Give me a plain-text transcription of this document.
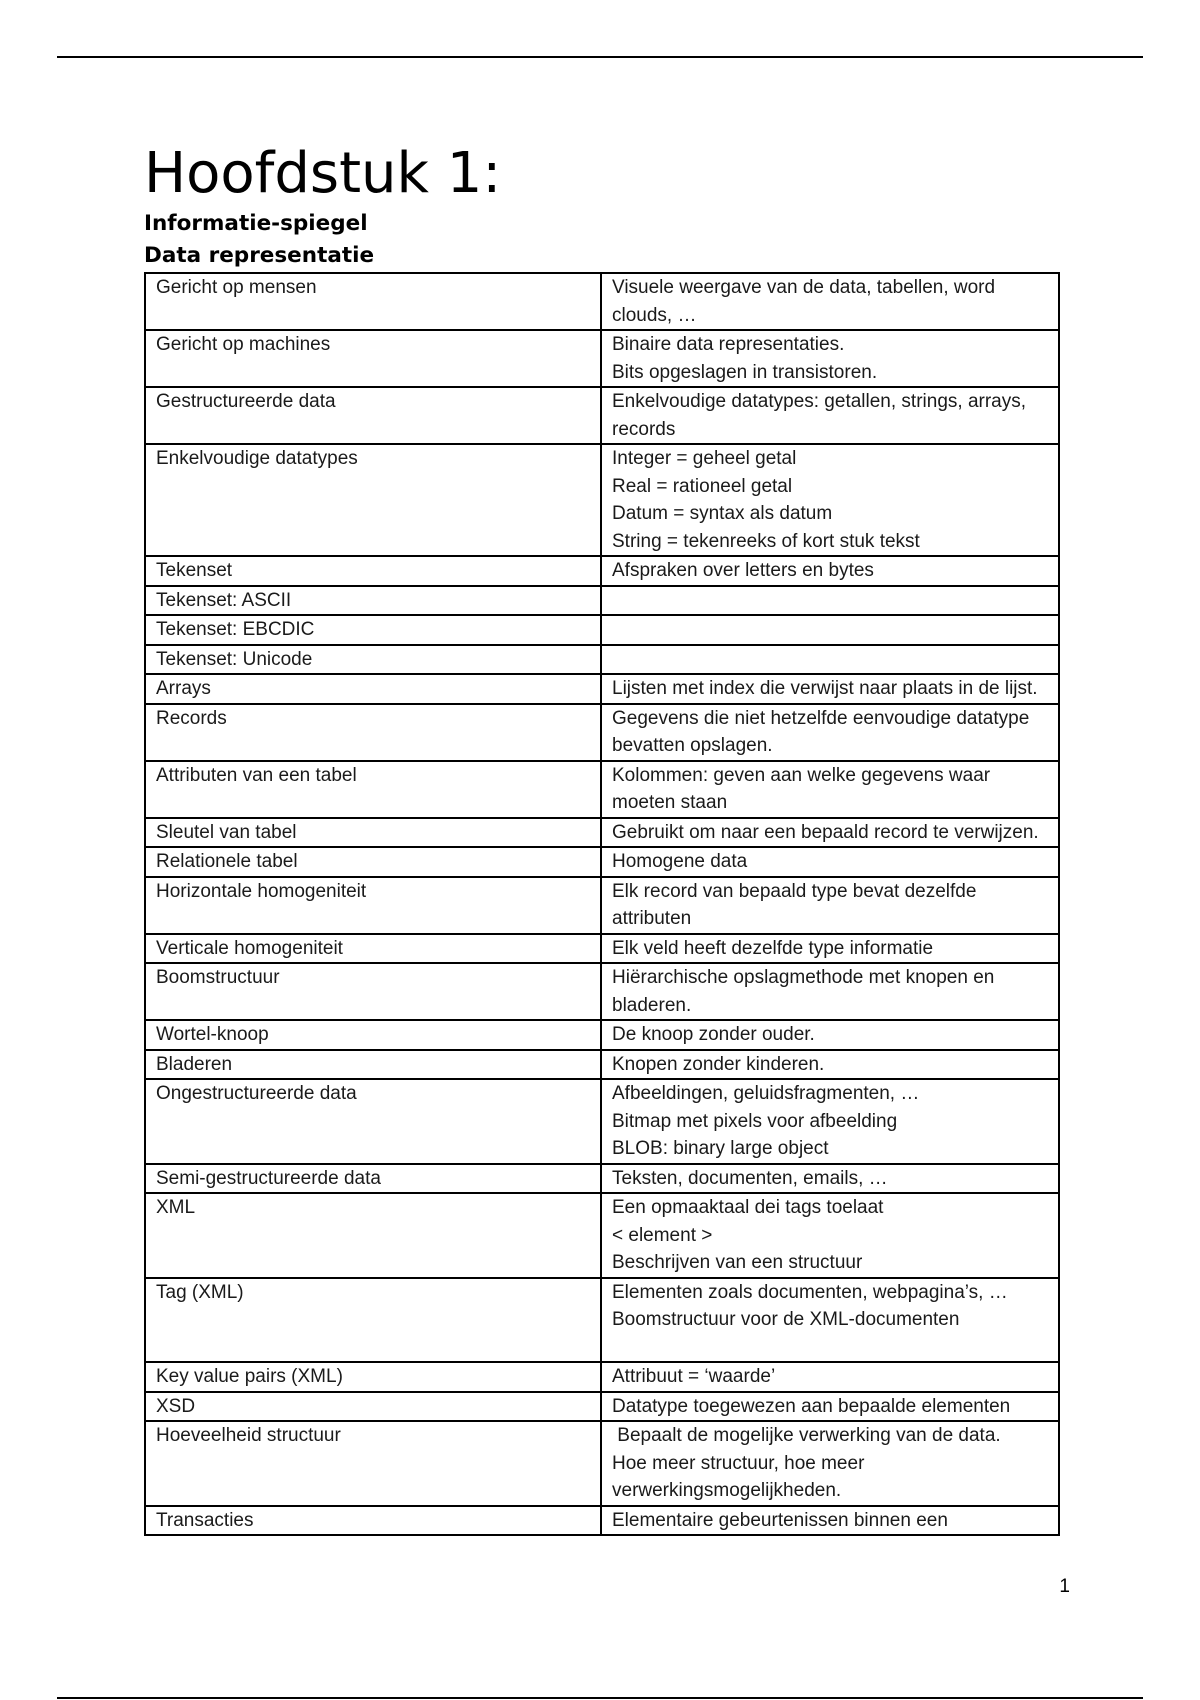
Hoofdstuk 1:
Informatie-spiegel
Data representatie
Gericht op mensen	Visuele weergave van de data, tabellen, word clouds, …

Gericht op machines	Binaire data representaties.
Bits opgeslagen in transistoren.

Gestructureerde data	Enkelvoudige datatypes: getallen, strings, arrays, records

Enkelvoudige datatypes	Integer = geheel getal
Real = rationeel getal
Datum = syntax als datum
String = tekenreeks of kort stuk tekst

Tekenset	Afspraken over letters en bytes

Tekenset: ASCII	
Tekenset: EBCDIC	
Tekenset: Unicode	
Arrays	Lijsten met index die verwijst naar plaats in de lijst.

Records	Gegevens die niet hetzelfde eenvoudige datatype bevatten opslagen.

Attributen van een tabel	Kolommen: geven aan welke gegevens waar moeten staan

Sleutel van tabel	Gebruikt om naar een bepaald record te verwijzen.

Relationele tabel	Homogene data

Horizontale homogeniteit	Elk record van bepaald type bevat dezelfde attributen

Verticale homogeniteit	Elk veld heeft dezelfde type informatie

Boomstructuur	Hiërarchische opslagmethode met knopen en bladeren.

Wortel-knoop	De knoop zonder ouder.

Bladeren	Knopen zonder kinderen.

Ongestructureerde data	Afbeeldingen, geluidsfragmenten, …
Bitmap met pixels voor afbeelding
BLOB: binary large object

Semi-gestructureerde data	Teksten, documenten, emails, …

XML	Een opmaaktaal dei tags toelaat
< element >
Beschrijven van een structuur

Tag (XML)	Elementen zoals documenten, webpagina’s, …
Boomstructuur voor de XML-documenten

Key value pairs (XML)	Attribuut = ‘waarde’

XSD	Datatype toegewezen aan bepaalde elementen

Hoeveelheid structuur	Bepaalt de mogelijke verwerking van de data.
Hoe meer structuur, hoe meer verwerkingsmogelijkheden.

Transacties	Elementaire gebeurtenissen binnen een
1
